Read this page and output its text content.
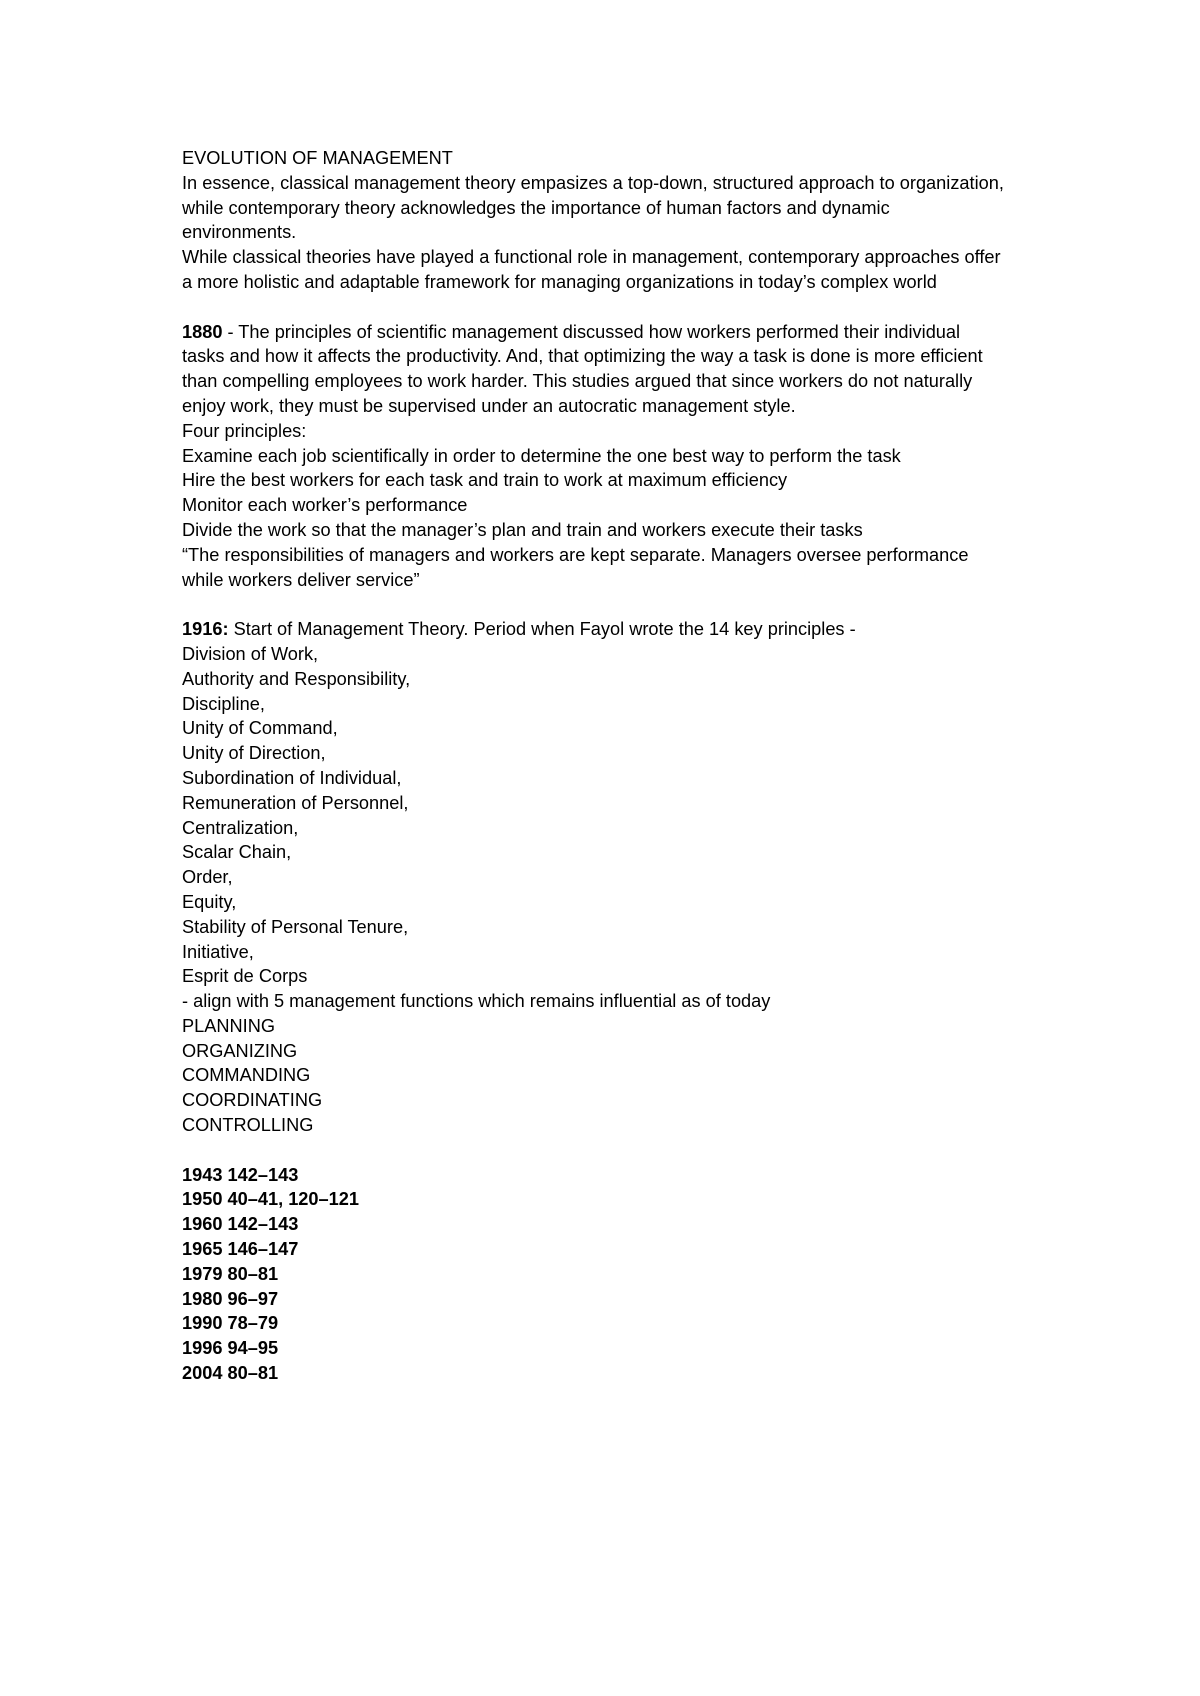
EVOLUTION OF MANAGEMENT
In essence, classical management theory empasizes a top-down, structured approach to organization,
while contemporary theory acknowledges the importance of human factors and dynamic
environments.
While classical theories have played a functional role in management, contemporary approaches offer
a more holistic and adaptable framework for managing organizations in today’s complex world
1880 - The principles of scientific management discussed how workers performed their individual
tasks and how it affects the productivity. And, that optimizing the way a task is done is more efficient
than compelling employees to work harder. This studies argued that since workers do not naturally
enjoy work, they must be supervised under an autocratic management style.
Four principles:
Examine each job scientifically in order to determine the one best way to perform the task
Hire the best workers for each task and train to work at maximum efficiency
Monitor each worker’s performance
Divide the work so that the manager’s plan and train and workers execute their tasks
“The responsibilities of managers and workers are kept separate. Managers oversee performance
while workers deliver service”
1916: Start of Management Theory. Period when Fayol wrote the 14 key principles -
Division of Work,
Authority and Responsibility,
Discipline,
Unity of Command,
Unity of Direction,
Subordination of Individual,
Remuneration of Personnel,
Centralization,
Scalar Chain,
Order,
Equity,
Stability of Personal Tenure,
Initiative,
Esprit de Corps
- align with 5 management functions which remains influential as of today
PLANNING
ORGANIZING
COMMANDING
COORDINATING
CONTROLLING
1943 142–143
1950 40–41, 120–121
1960 142–143
1965 146–147
1979 80–81
1980 96–97
1990 78–79
1996 94–95
2004 80–81
